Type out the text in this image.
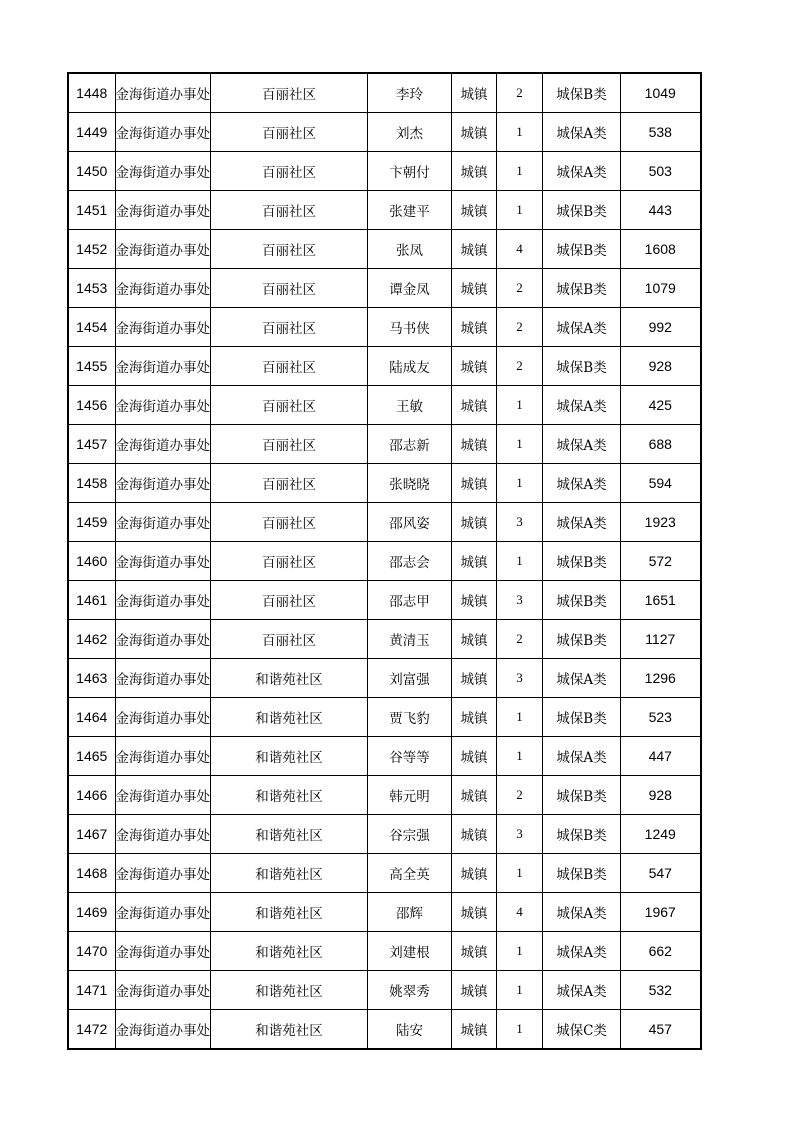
1448	金海街道办事处	百丽社区	李玲	城镇	2	城保B类	1049
1449	金海街道办事处	百丽社区	刘杰	城镇	1	城保A类	538
1450	金海街道办事处	百丽社区	卞朝付	城镇	1	城保A类	503
1451	金海街道办事处	百丽社区	张建平	城镇	1	城保B类	443
1452	金海街道办事处	百丽社区	张凤	城镇	4	城保B类	1608
1453	金海街道办事处	百丽社区	谭金凤	城镇	2	城保B类	1079
1454	金海街道办事处	百丽社区	马书侠	城镇	2	城保A类	992
1455	金海街道办事处	百丽社区	陆成友	城镇	2	城保B类	928
1456	金海街道办事处	百丽社区	王敏	城镇	1	城保A类	425
1457	金海街道办事处	百丽社区	邵志新	城镇	1	城保A类	688
1458	金海街道办事处	百丽社区	张晓晓	城镇	1	城保A类	594
1459	金海街道办事处	百丽社区	邵风姿	城镇	3	城保A类	1923
1460	金海街道办事处	百丽社区	邵志会	城镇	1	城保B类	572
1461	金海街道办事处	百丽社区	邵志甲	城镇	3	城保B类	1651
1462	金海街道办事处	百丽社区	黄清玉	城镇	2	城保B类	1127
1463	金海街道办事处	和谐苑社区	刘富强	城镇	3	城保A类	1296
1464	金海街道办事处	和谐苑社区	贾飞豹	城镇	1	城保B类	523
1465	金海街道办事处	和谐苑社区	谷等等	城镇	1	城保A类	447
1466	金海街道办事处	和谐苑社区	韩元明	城镇	2	城保B类	928
1467	金海街道办事处	和谐苑社区	谷宗强	城镇	3	城保B类	1249
1468	金海街道办事处	和谐苑社区	高全英	城镇	1	城保B类	547
1469	金海街道办事处	和谐苑社区	邵辉	城镇	4	城保A类	1967
1470	金海街道办事处	和谐苑社区	刘建根	城镇	1	城保A类	662
1471	金海街道办事处	和谐苑社区	姚翠秀	城镇	1	城保A类	532
1472	金海街道办事处	和谐苑社区	陆安	城镇	1	城保C类	457
